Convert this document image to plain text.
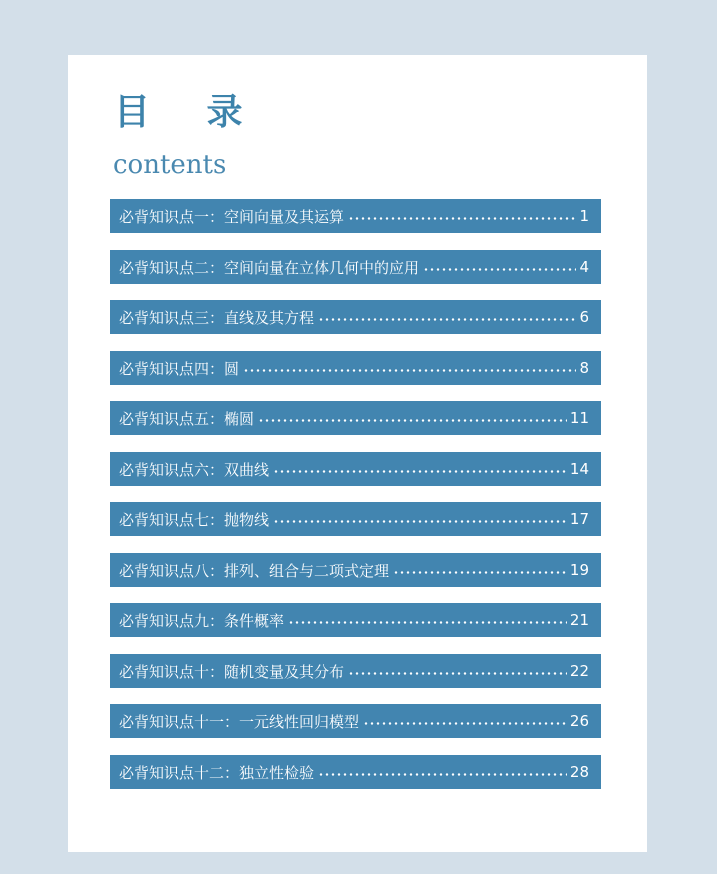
目 录
contents
必背知识点一：空间向量及其运算	1
必背知识点二：空间向量在立体几何中的应用	4
必背知识点三：直线及其方程	6
必背知识点四：圆	8
必背知识点五：椭圆	11
必背知识点六：双曲线	14
必背知识点七：抛物线	17
必背知识点八：排列、组合与二项式定理	19
必背知识点九：条件概率	21
必背知识点十：随机变量及其分布	22
必背知识点十一：一元线性回归模型	26
必背知识点十二：独立性检验	28
